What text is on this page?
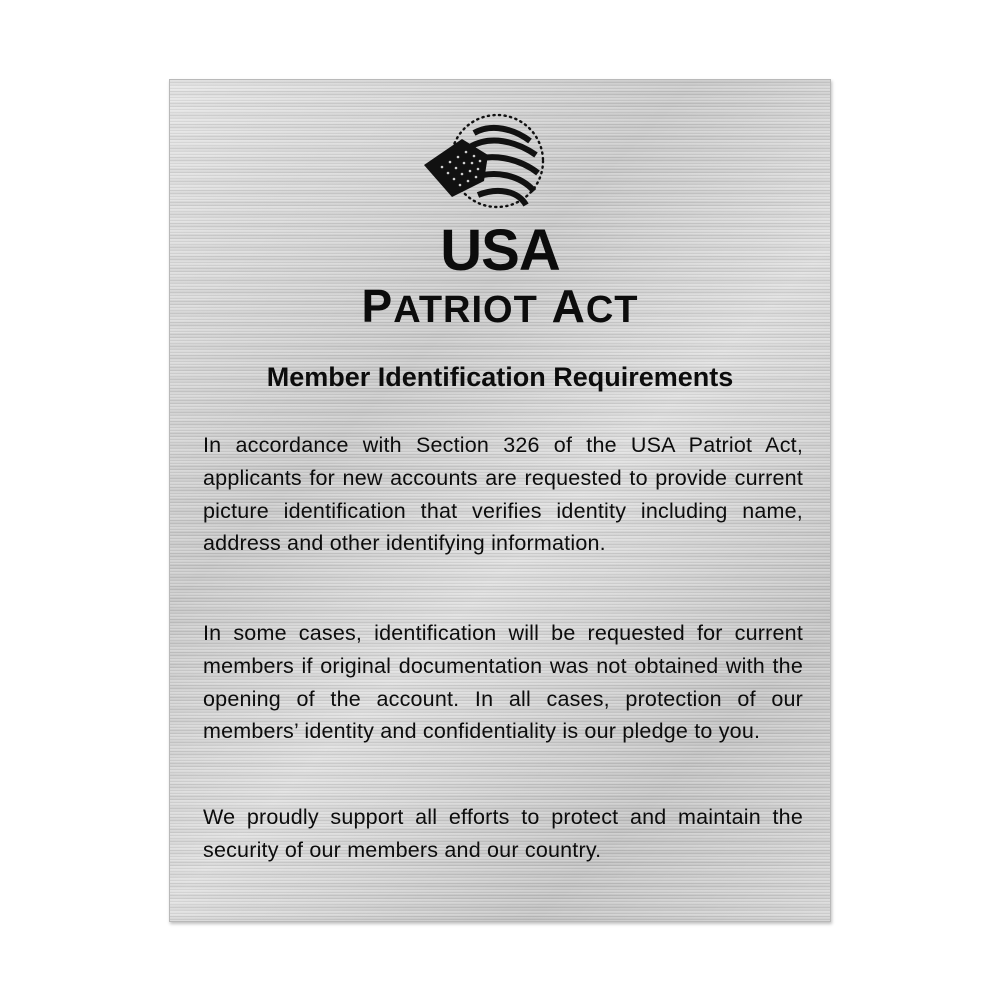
USA
PATRIOT ACT
Member Identification Requirements
In accordance with Section 326 of the USA Patriot Act, applicants for new accounts are requested to provide current picture identification that verifies identity including name, address and other identifying information.
In some cases, identification will be requested for current members if original documentation was not obtained with the opening of the account. In all cases, protection of our members’ identity and confidentiality is our pledge to you.
We proudly support all efforts to protect and maintain the security of our members and our country.
